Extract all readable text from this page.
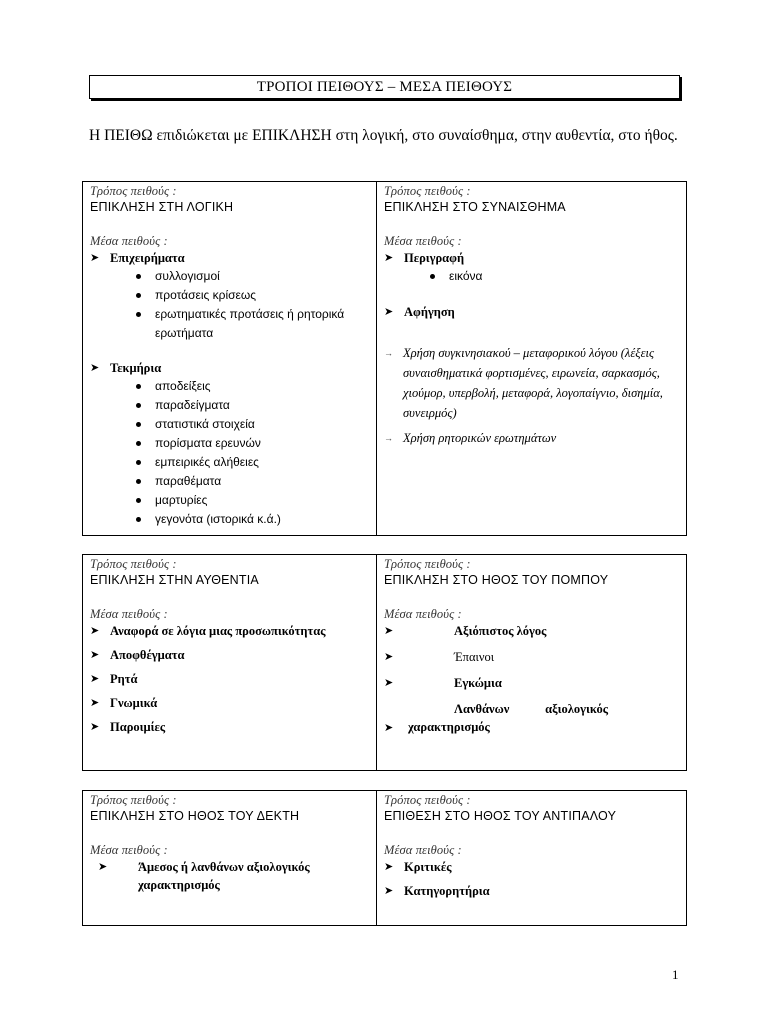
ΤΡΟΠΟΙ ΠΕΙΘΟΥΣ – ΜΕΣΑ ΠΕΙΘΟΥΣ

Η ΠΕΙΘΩ επιδιώκεται με ΕΠΙΚΛΗΣΗ στη λογική, στο συναίσθημα, στην αυθεντία, στο ήθος.

Τρόπος πειθούς :
ΕΠΙΚΛΗΣΗ ΣΤΗ ΛΟΓΙΚΗ
Μέσα πειθούς :
➤ Επιχειρήματα
συλλογισμοί
προτάσεις κρίσεως
ερωτηματικές προτάσεις ή ρητορικά ερωτήματα
➤ Τεκμήρια
αποδείξεις
παραδείγματα
στατιστικά στοιχεία
πορίσματα ερευνών
εμπειρικές αλήθειες
παραθέματα
μαρτυρίες
γεγονότα (ιστορικά κ.ά.)

Τρόπος πειθούς :
ΕΠΙΚΛΗΣΗ ΣΤΟ ΣΥΝΑΙΣΘΗΜΑ
Μέσα πειθούς :
➤ Περιγραφή
εικόνα
➤ Αφήγηση
→ Χρήση συγκινησιακού – μεταφορικού λόγου (λέξεις συναισθηματικά φορτισμένες, ειρωνεία, σαρκασμός, χιούμορ, υπερβολή, μεταφορά, λογοπαίγνιο, δισημία, συνειρμός)
→ Χρήση ρητορικών ερωτημάτων
Τρόπος πειθούς :
ΕΠΙΚΛΗΣΗ ΣΤΗΝ ΑΥΘΕΝΤΙΑ
Μέσα πειθούς :
➤ Αναφορά σε λόγια μιας προσωπικότητας
➤ Αποφθέγματα
➤ Ρητά
➤ Γνωμικά
➤ Παροιμίες

Τρόπος πειθούς :
ΕΠΙΚΛΗΣΗ ΣΤΟ ΗΘΟΣ ΤΟΥ ΠΟΜΠΟΥ
Μέσα πειθούς :
➤	Αξιόπιστος λόγος
➤	Έπαινοι
➤	Εγκώμια
➤Λανθάνων αξιολογικός χαρακτηρισμός
Τρόπος πειθούς :
ΕΠΙΚΛΗΣΗ ΣΤΟ ΗΘΟΣ ΤΟΥ ΔΕΚΤΗ
Μέσα πειθούς :
➤	Άμεσος ή λανθάνων αξιολογικός χαρακτηρισμός

Τρόπος πειθούς :
ΕΠΙΘΕΣΗ ΣΤΟ ΗΘΟΣ ΤΟΥ ΑΝΤΙΠΑΛΟΥ
Μέσα πειθούς :
➤ Κριτικές
➤ Κατηγορητήρια
1
